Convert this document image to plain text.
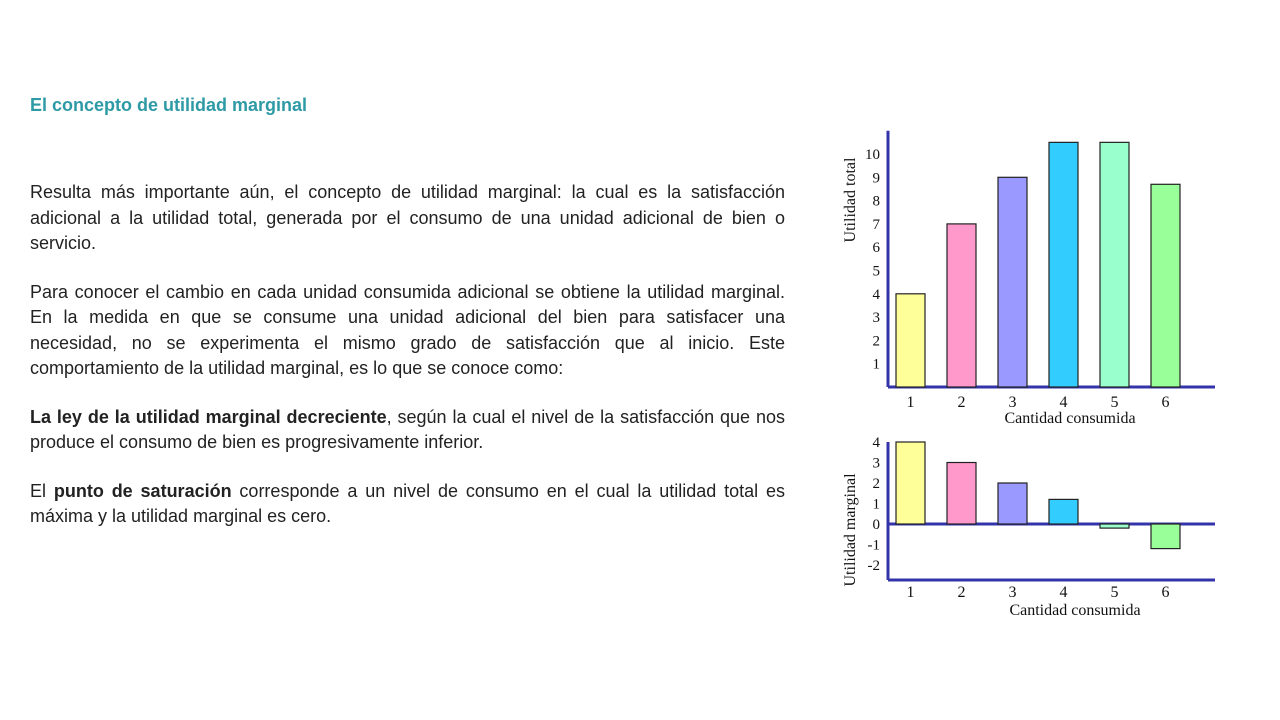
El concepto de utilidad marginal

Resulta más importante aún, el concepto de utilidad marginal: la cual es la satisfacción adicional a la utilidad total, generada por el consumo de una unidad adicional de bien o servicio.

Para conocer el cambio en cada unidad consumida adicional se obtiene la utilidad marginal. En la medida en que se consume una unidad adicional del bien para satisfacer una necesidad, no se experimenta el mismo grado de satisfacción que al inicio. Este comportamiento de la utilidad marginal, es lo que se conoce como:

La ley de la utilidad marginal decreciente, según la cual el nivel de la satisfacción que nos produce el consumo de bien es progresivamente inferior.

El punto de saturación corresponde a un nivel de consumo en el cual la utilidad total es máxima y la utilidad marginal es cero.

1
2
3
4
5
6
7
8
9
10
1	2	3	4	5	6
Utilidad total
Cantidad consumida
-2
-1
0
1
2
3
4
1	2	3	4	5	6
Utilidad marginal
Cantidad consumida
